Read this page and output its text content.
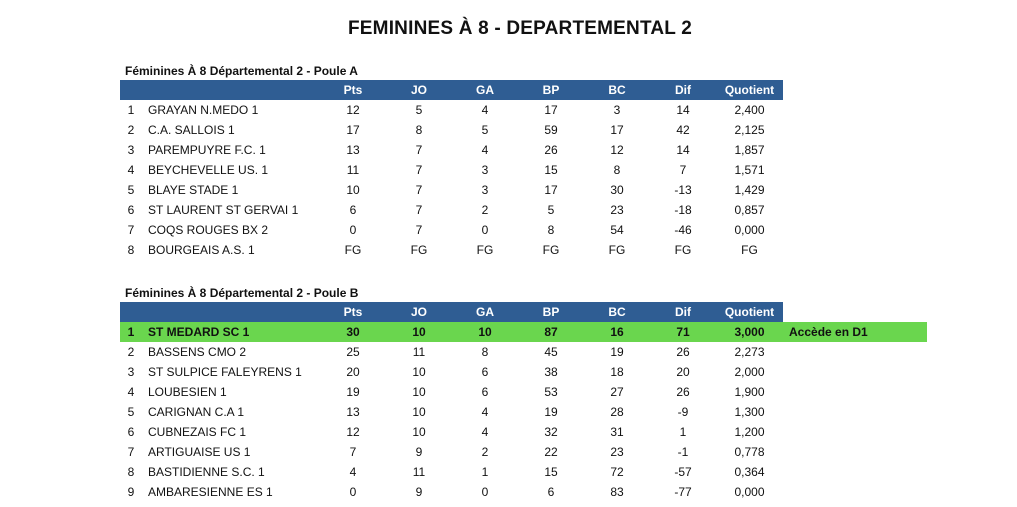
FEMININES À 8 - DEPARTEMENTAL 2
Féminines À 8 Départemental 2 - Poule A
		Pts	JO	GA	BP	BC	Dif	Quotient
1	GRAYAN N.MEDO 1	12	5	4	17	3	14	2,400
2	C.A. SALLOIS 1	17	8	5	59	17	42	2,125
3	PAREMPUYRE F.C. 1	13	7	4	26	12	14	1,857
4	BEYCHEVELLE US. 1	11	7	3	15	8	7	1,571
5	BLAYE STADE 1	10	7	3	17	30	-13	1,429
6	ST LAURENT ST GERVAI 1	6	7	2	5	23	-18	0,857
7	COQS ROUGES BX 2	0	7	0	8	54	-46	0,000
8	BOURGEAIS A.S. 1	FG	FG	FG	FG	FG	FG	FG
Féminines À 8 Départemental 2 - Poule B
		Pts	JO	GA	BP	BC	Dif	Quotient	
1	ST MEDARD SC 1	30	10	10	87	16	71	3,000	Accède en D1
2	BASSENS CMO 2	25	11	8	45	19	26	2,273	
3	ST SULPICE FALEYRENS 1	20	10	6	38	18	20	2,000	
4	LOUBESIEN 1	19	10	6	53	27	26	1,900	
5	CARIGNAN C.A 1	13	10	4	19	28	-9	1,300	
6	CUBNEZAIS FC 1	12	10	4	32	31	1	1,200	
7	ARTIGUAISE US 1	7	9	2	22	23	-1	0,778	
8	BASTIDIENNE S.C. 1	4	11	1	15	72	-57	0,364	
9	AMBARESIENNE ES 1	0	9	0	6	83	-77	0,000	
